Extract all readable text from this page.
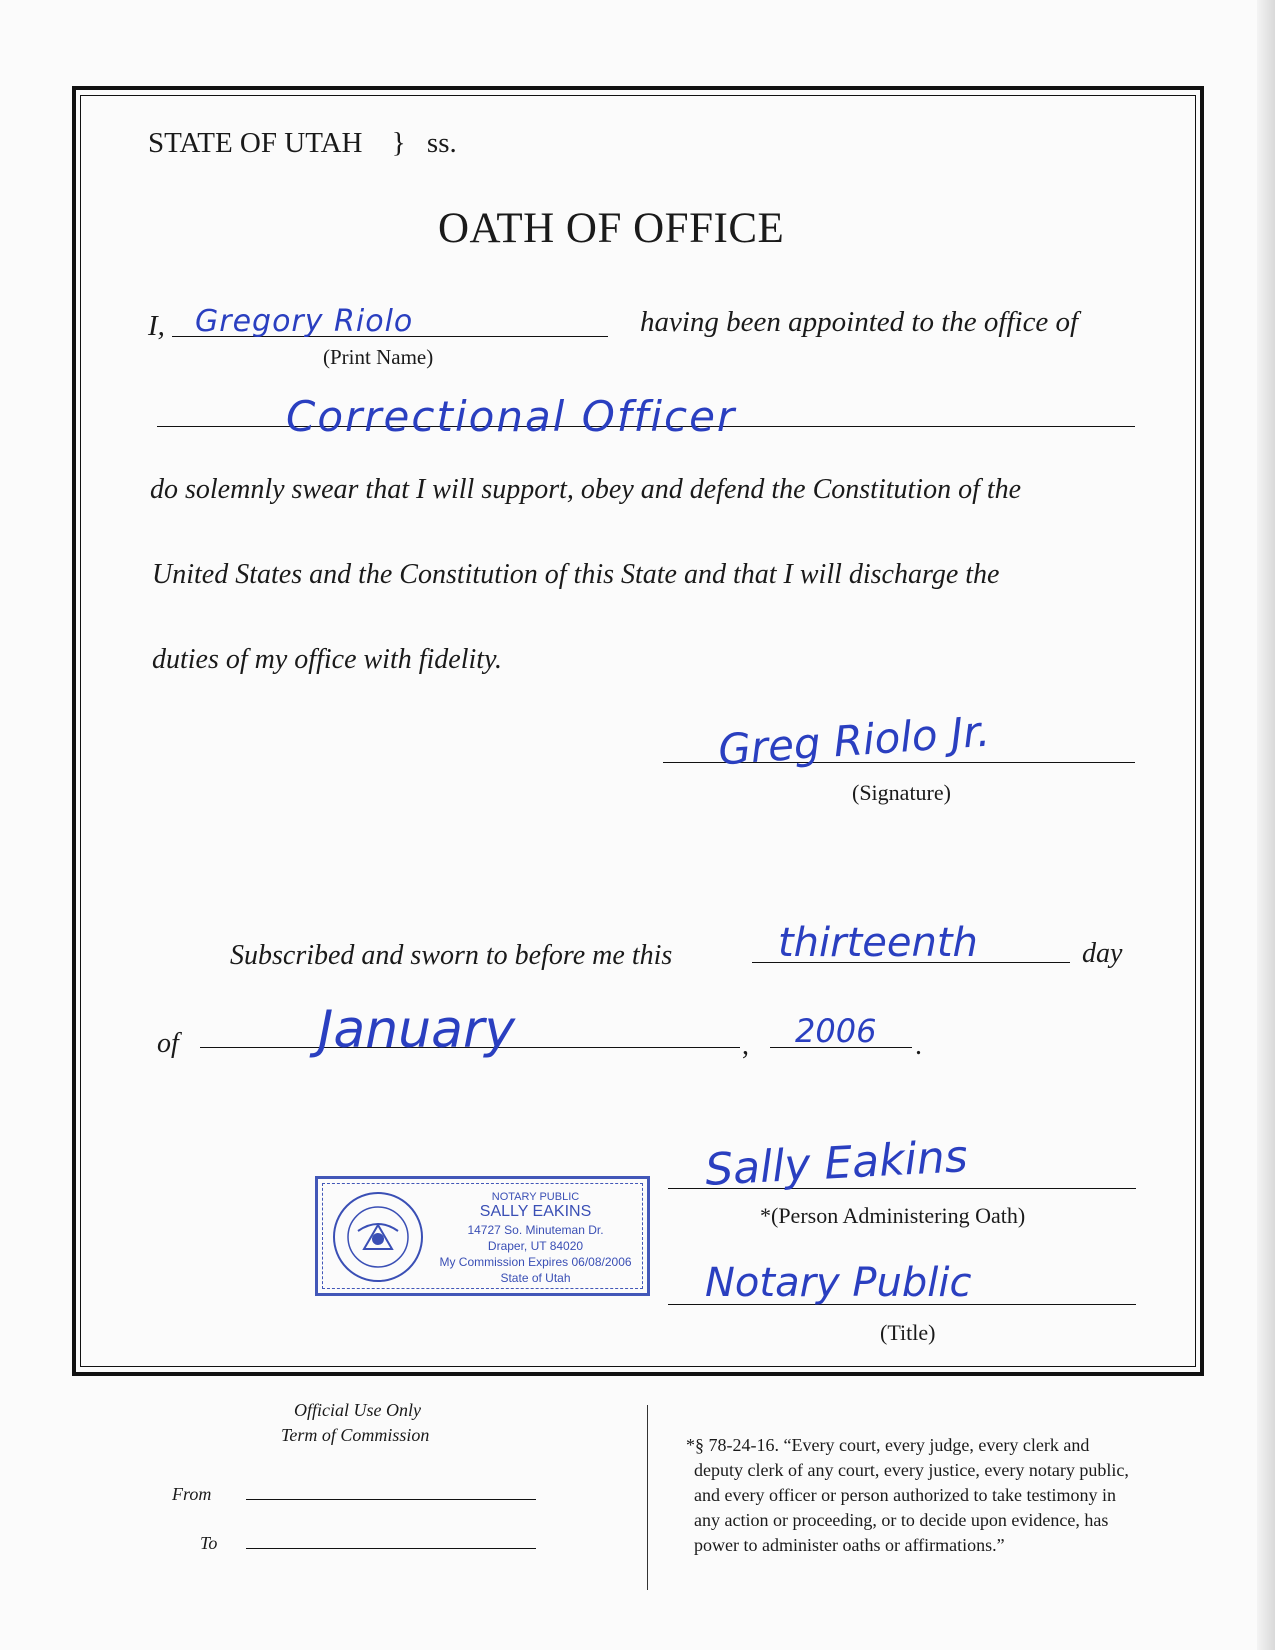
STATE OF UTAH } ss.
OATH OF OFFICE
I, Gregory Riolo
(Print Name)
having been appointed to the office of
Correctional Officer
do solemnly swear that I will support, obey and defend the Constitution of the
United States and the Constitution of this State and that I will discharge the
duties of my office with fidelity.
Greg Riolo Jr.
(Signature)
Subscribed and sworn to before me this	thirteenth	day
of	January	, 2006 .
NOTARY PUBLIC
SALLY EAKINS
14727 So. Minuteman Dr.
Draper, UT 84020
My Commission Expires 06/08/2006
State of Utah
Sally Eakins
*(Person Administering Oath)
Notary Public
(Title)
Official Use Only
Term of Commission
From
To
*§ 78-24-16. “Every court, every judge, every clerk and
deputy clerk of any court, every justice, every notary public,
and every officer or person authorized to take testimony in
any action or proceeding, or to decide upon evidence, has
power to administer oaths or affirmations.”
